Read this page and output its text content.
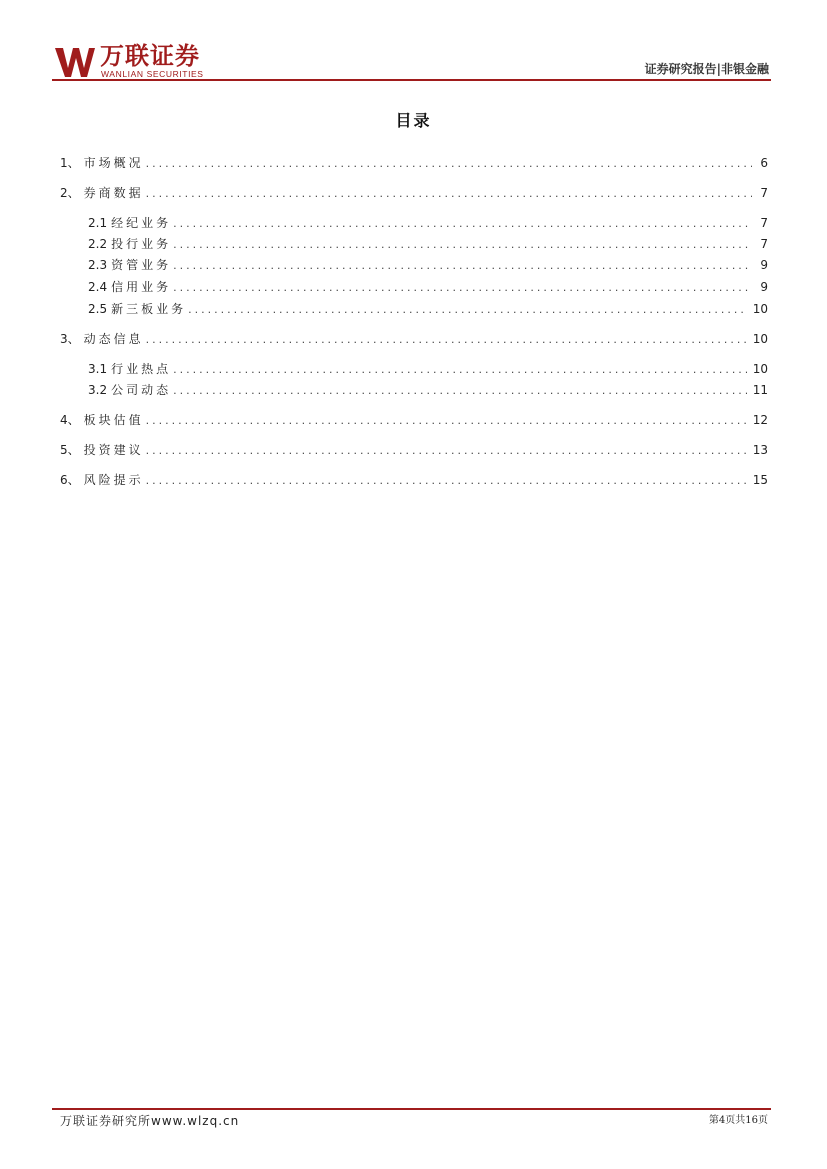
万联证券
WANLIAN SECURITIES	证券研究报告|非银金融
目录
1、 市场概况 .....	6
2、 券商数据 .....	7
2.1 经纪业务 .....	7
2.2 投行业务 .....	7
2.3 资管业务 .....	9
2.4 信用业务 .....	9
2.5 新三板业务 .....	10
3、 动态信息 .....	10
3.1 行业热点 .....	10
3.2 公司动态 .....	11
4、 板块估值 .....	12
5、 投资建议 .....	13
6、 风险提示 .....	15
万联证券研究所www.wlzq.cn	第4页共16页
